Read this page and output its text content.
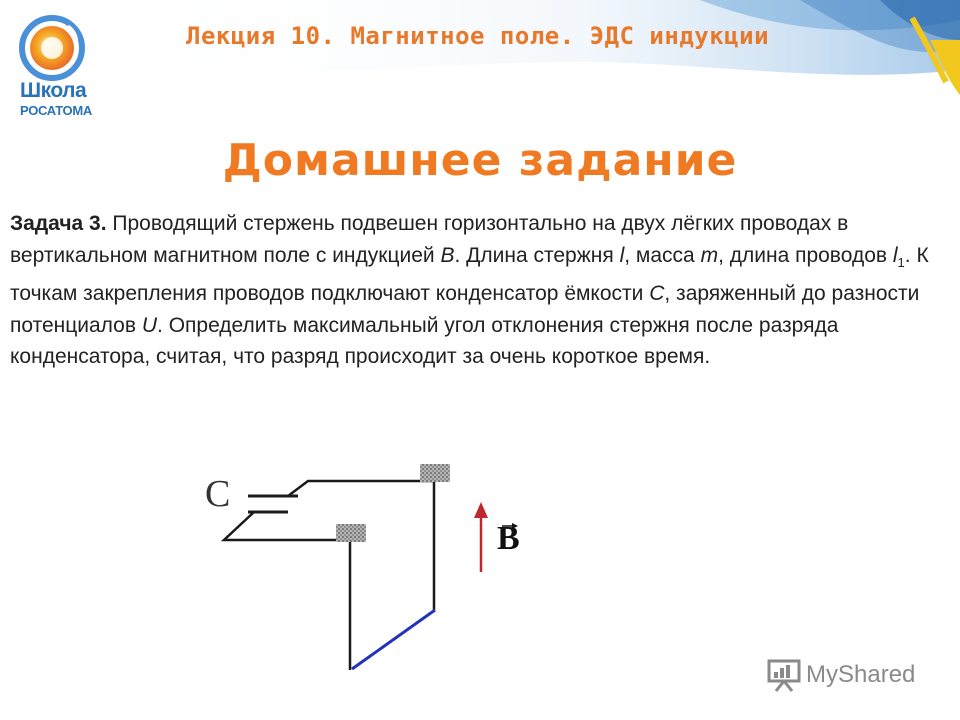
Школа
РОСАТОМА
Лекция 10. Магнитное поле. ЭДС индукции
Домашнее задание
Задача 3. Проводящий стержень подвешен горизонтально на двух лёгких проводах в вертикальном магнитном поле с индукцией B. Длина стержня l, масса m, длина проводов $l_1$. К точкам закрепления проводов подключают конденсатор ёмкости C, заряженный до разности потенциалов U. Определить максимальный угол отклонения стержня после разряда конденсатора, считая, что разряд происходит за очень короткое время.
C
B
MyShared
